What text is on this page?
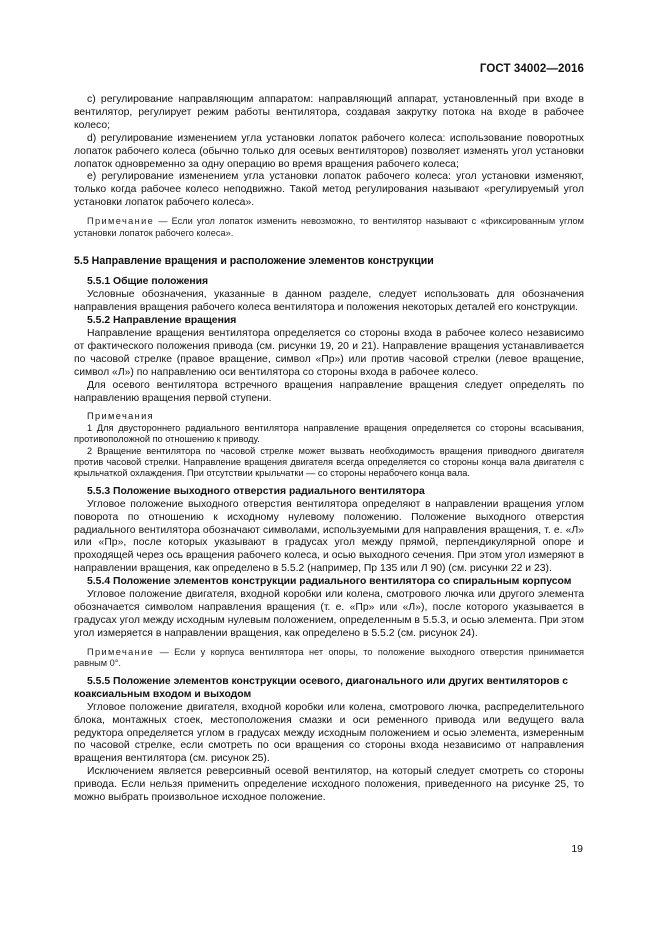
ГОСТ 34002—2016

c) регулирование направляющим аппаратом: направляющий аппарат, установленный при входе в вентилятор, регулирует режим работы вентилятора, создавая закрутку потока на входе в рабочее колесо;

d) регулирование изменением угла установки лопаток рабочего колеса: использование поворотных лопаток рабочего колеса (обычно только для осевых вентиляторов) позволяет изменять угол установки лопаток одновременно за одну операцию во время вращения рабочего колеса;

e) регулирование изменением угла установки лопаток рабочего колеса: угол установки изменяют, только когда рабочее колесо неподвижно. Такой метод регулирования называют «регулируемый угол установки лопаток рабочего колеса».

Примечание — Если угол лопаток изменить невозможно, то вентилятор называют с «фиксированным углом установки лопаток рабочего колеса».

5.5 Направление вращения и расположение элементов конструкции
5.5.1 Общие положения

Условные обозначения, указанные в данном разделе, следует использовать для обозначения направления вращения рабочего колеса вентилятора и положения некоторых деталей его конструкции.

5.5.2 Направление вращения

Направление вращения вентилятора определяется со стороны входа в рабочее колесо независимо от фактического положения привода (см. рисунки 19, 20 и 21). Направление вращения устанавливается по часовой стрелке (правое вращение, символ «Пр») или против часовой стрелки (левое вращение, символ «Л») по направлению оси вентилятора со стороны входа в рабочее колесо.

Для осевого вентилятора встречного вращения направление вращения следует определять по направлению вращения первой ступени.

Примечания
1 Для двустороннего радиального вентилятора направление вращения определяется со стороны всасывания, противоположной по отношению к приводу.
2 Вращение вентилятора по часовой стрелке может вызвать необходимость вращения приводного двигателя против часовой стрелки. Направление вращения двигателя всегда определяется со стороны конца вала двигателя с крыльчаткой охлаждения. При отсутствии крыльчатки — со стороны нерабочего конца вала.
5.5.3 Положение выходного отверстия радиального вентилятора

Угловое положение выходного отверстия вентилятора определяют в направлении вращения углом поворота по отношению к исходному нулевому положению. Положение выходного отверстия радиального вентилятора обозначают символами, используемыми для направления вращения, т. е. «Л» или «Пр», после которых указывают в градусах угол между прямой, перпендикулярной опоре и проходящей через ось вращения рабочего колеса, и осью выходного сечения. При этом угол измеряют в направлении вращения, как определено в 5.5.2 (например, Пр 135 или Л 90) (см. рисунки 22 и 23).

5.5.4 Положение элементов конструкции радиального вентилятора со спиральным корпусом

Угловое положение двигателя, входной коробки или колена, смотрового лючка или другого элемента обозначается символом направления вращения (т. е. «Пр» или «Л»), после которого указывается в градусах угол между исходным нулевым положением, определенным в 5.5.3, и осью элемента. При этом угол измеряется в направлении вращения, как определено в 5.5.2 (см. рисунок 24).

Примечание — Если у корпуса вентилятора нет опоры, то положение выходного отверстия принимается равным 0°.

5.5.5 Положение элементов конструкции осевого, диагонального или других вентиляторов с коаксиальным входом и выходом

Угловое положение двигателя, входной коробки или колена, смотрового лючка, распределительного блока, монтажных стоек, местоположения смазки и оси ременного привода или ведущего вала редуктора определяется углом в градусах между исходным положением и осью элемента, измеренным по часовой стрелке, если смотреть по оси вращения со стороны входа независимо от направления вращения вентилятора (см. рисунок 25).

Исключением является реверсивный осевой вентилятор, на который следует смотреть со стороны привода. Если нельзя применить определение исходного положения, приведенного на рисунке 25, то можно выбрать произвольное исходное положение.

19
